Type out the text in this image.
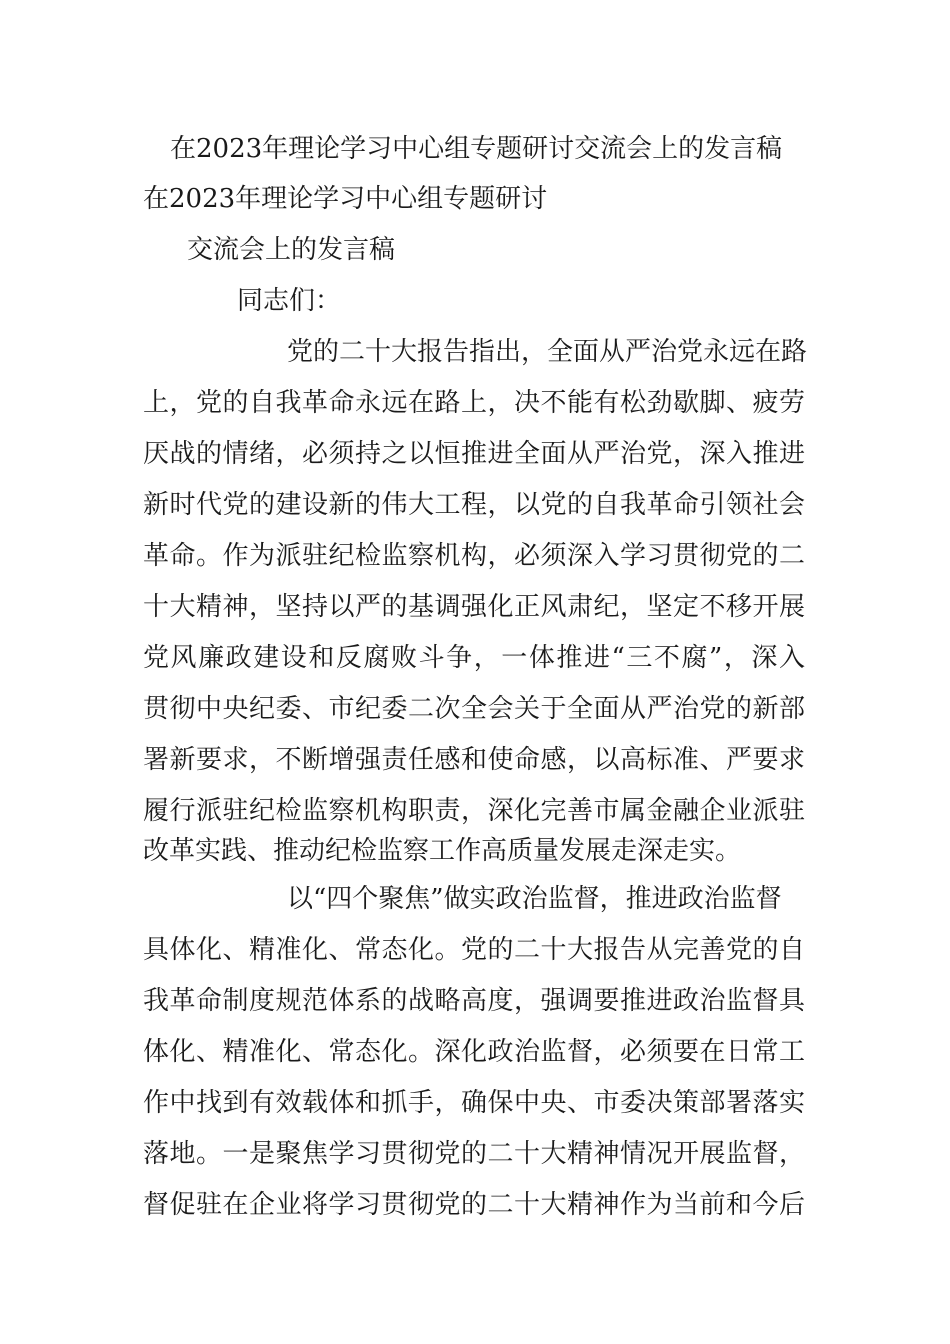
在2023年理论学习中心组专题研讨交流会上的发言稿

在2023年理论学习中心组专题研讨

交流会上的发言稿

同志们：

党的二十大报告指出，全面从严治党永远在路

上，党的自我革命永远在路上，决不能有松劲歇脚、疲劳

厌战的情绪，必须持之以恒推进全面从严治党，深入推进

新时代党的建设新的伟大工程，以党的自我革命引领社会

革命。作为派驻纪检监察机构，必须深入学习贯彻党的二

十大精神，坚持以严的基调强化正风肃纪，坚定不移开展

党风廉政建设和反腐败斗争，一体推进“三不腐”，深入

贯彻中央纪委、市纪委二次全会关于全面从严治党的新部

署新要求，不断增强责任感和使命感，以高标准、严要求

履行派驻纪检监察机构职责，深化完善市属金融企业派驻

改革实践、推动纪检监察工作高质量发展走深走实。

以“四个聚焦”做实政治监督，推进政治监督

具体化、精准化、常态化。党的二十大报告从完善党的自

我革命制度规范体系的战略高度，强调要推进政治监督具

体化、精准化、常态化。深化政治监督，必须要在日常工

作中找到有效载体和抓手，确保中央、市委决策部署落实

落地。一是聚焦学习贯彻党的二十大精神情况开展监督，

督促驻在企业将学习贯彻党的二十大精神作为当前和今后
